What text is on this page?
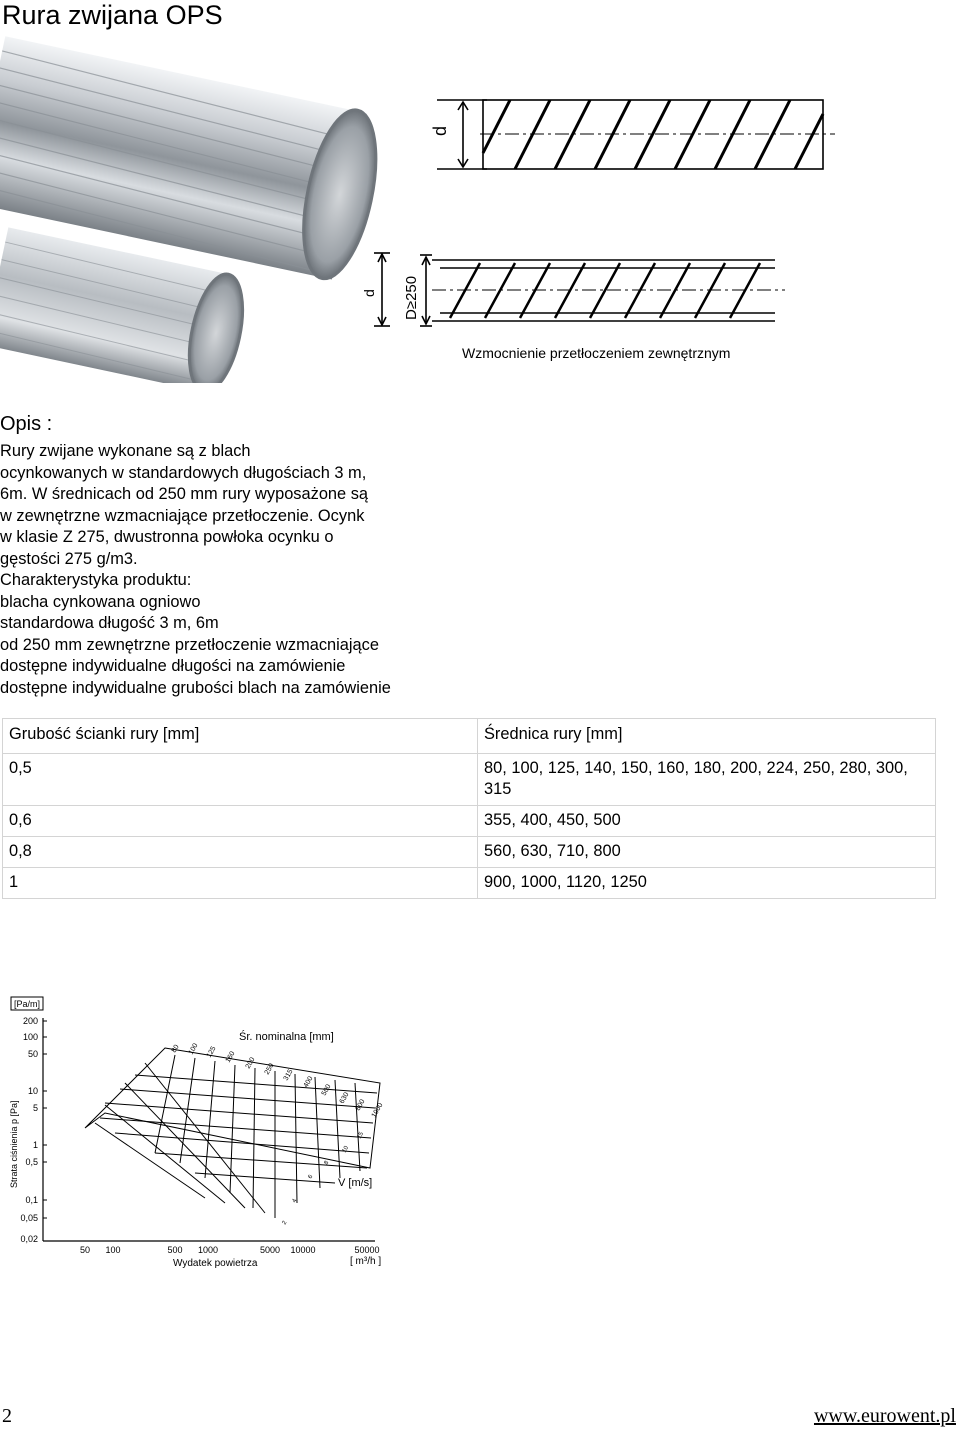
Rura zwijana OPS
d
d D≥250
Wzmocnienie przetłoczeniem zewnętrznym
Opis :
Rury zwijane wykonane są z blach
ocynkowanych w standardowych długościach 3 m,
6m. W średnicach od 250 mm rury wyposażone są
w zewnętrzne wzmacniające przetłoczenie. Ocynk
w klasie Z 275, dwustronna powłoka ocynku o
gęstości 275 g/m3.
Charakterystyka produktu:
blacha cynkowana ogniowo
standardowa długość 3 m, 6m
od 250 mm zewnętrzne przetłoczenie wzmacniające
dostępne indywidualne długości na zamówienie
dostępne indywidualne grubości blach na zamówienie
Grubość ścianki rury [mm]	Średnica rury [mm]
0,5	80, 100, 125, 140, 150, 160, 180, 200, 224, 250, 280, 300, 315
0,6	355, 400, 450, 500
0,8	560, 630, 710, 800
1	900, 1000, 1120, 1250
[Pa/m]
200
100
50
10
5
1
0,5
0,1
0,05
0,02
Strata ciśnienia p [Pa]
50 100	500 1000	5000 10000	50000
Wydatek powietrza	[ m³/h ]
Śr. nominalna [mm]
80 100 125 160 200 250 315
400
500
630
800 1000
V [m/s]
15
10
8
6
4
2
2	www.eurowent.pl
